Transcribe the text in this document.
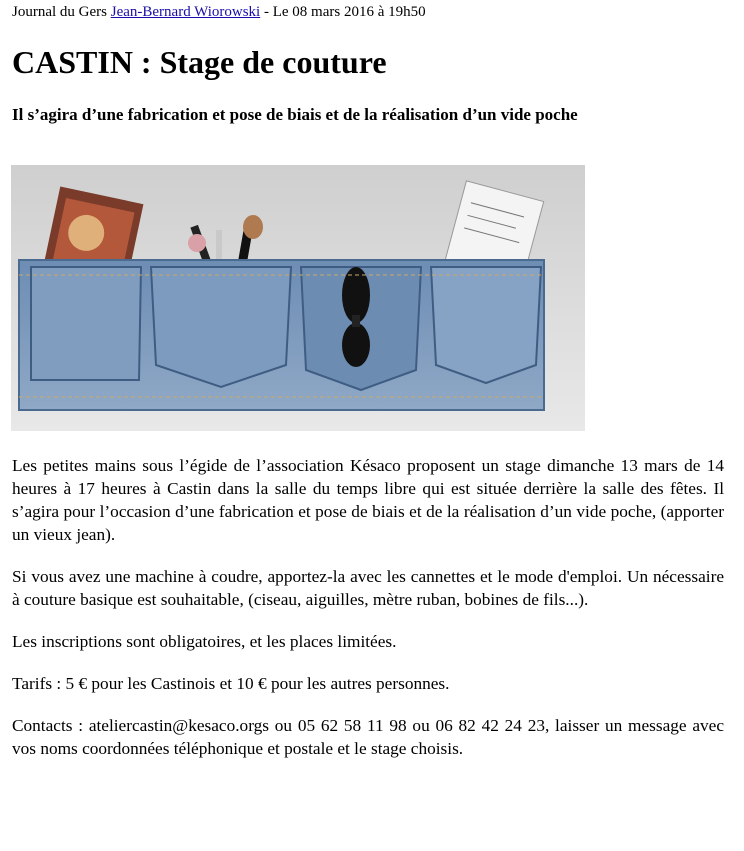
Journal du Gers Jean-Bernard Wiorowski - Le 08 mars 2016 à 19h50
CASTIN : Stage de couture
Il s’agira d’une fabrication et pose de biais et de la réalisation d’un vide poche

Les petites mains sous l’égide de l’association Késaco proposent un stage dimanche 13 mars de 14 heures à 17 heures à Castin dans la salle du temps libre qui est située derrière la salle des fêtes. Il s’agira pour l’occasion d’une fabrication et pose de biais et de la réalisation d’un vide poche, (apporter un vieux jean).

Si vous avez une machine à coudre, apportez-la avec les cannettes et le mode d'emploi. Un nécessaire à couture basique est souhaitable, (ciseau, aiguilles, mètre ruban, bobines de fils...).

Les inscriptions sont obligatoires, et les places limitées.

Tarifs : 5 € pour les Castinois et 10 € pour les autres personnes.

Contacts : ateliercastin@kesaco.orgs ou 05 62 58 11 98 ou 06 82 42 24 23, laisser un message avec vos noms coordonnées téléphonique et postale et le stage choisis.
